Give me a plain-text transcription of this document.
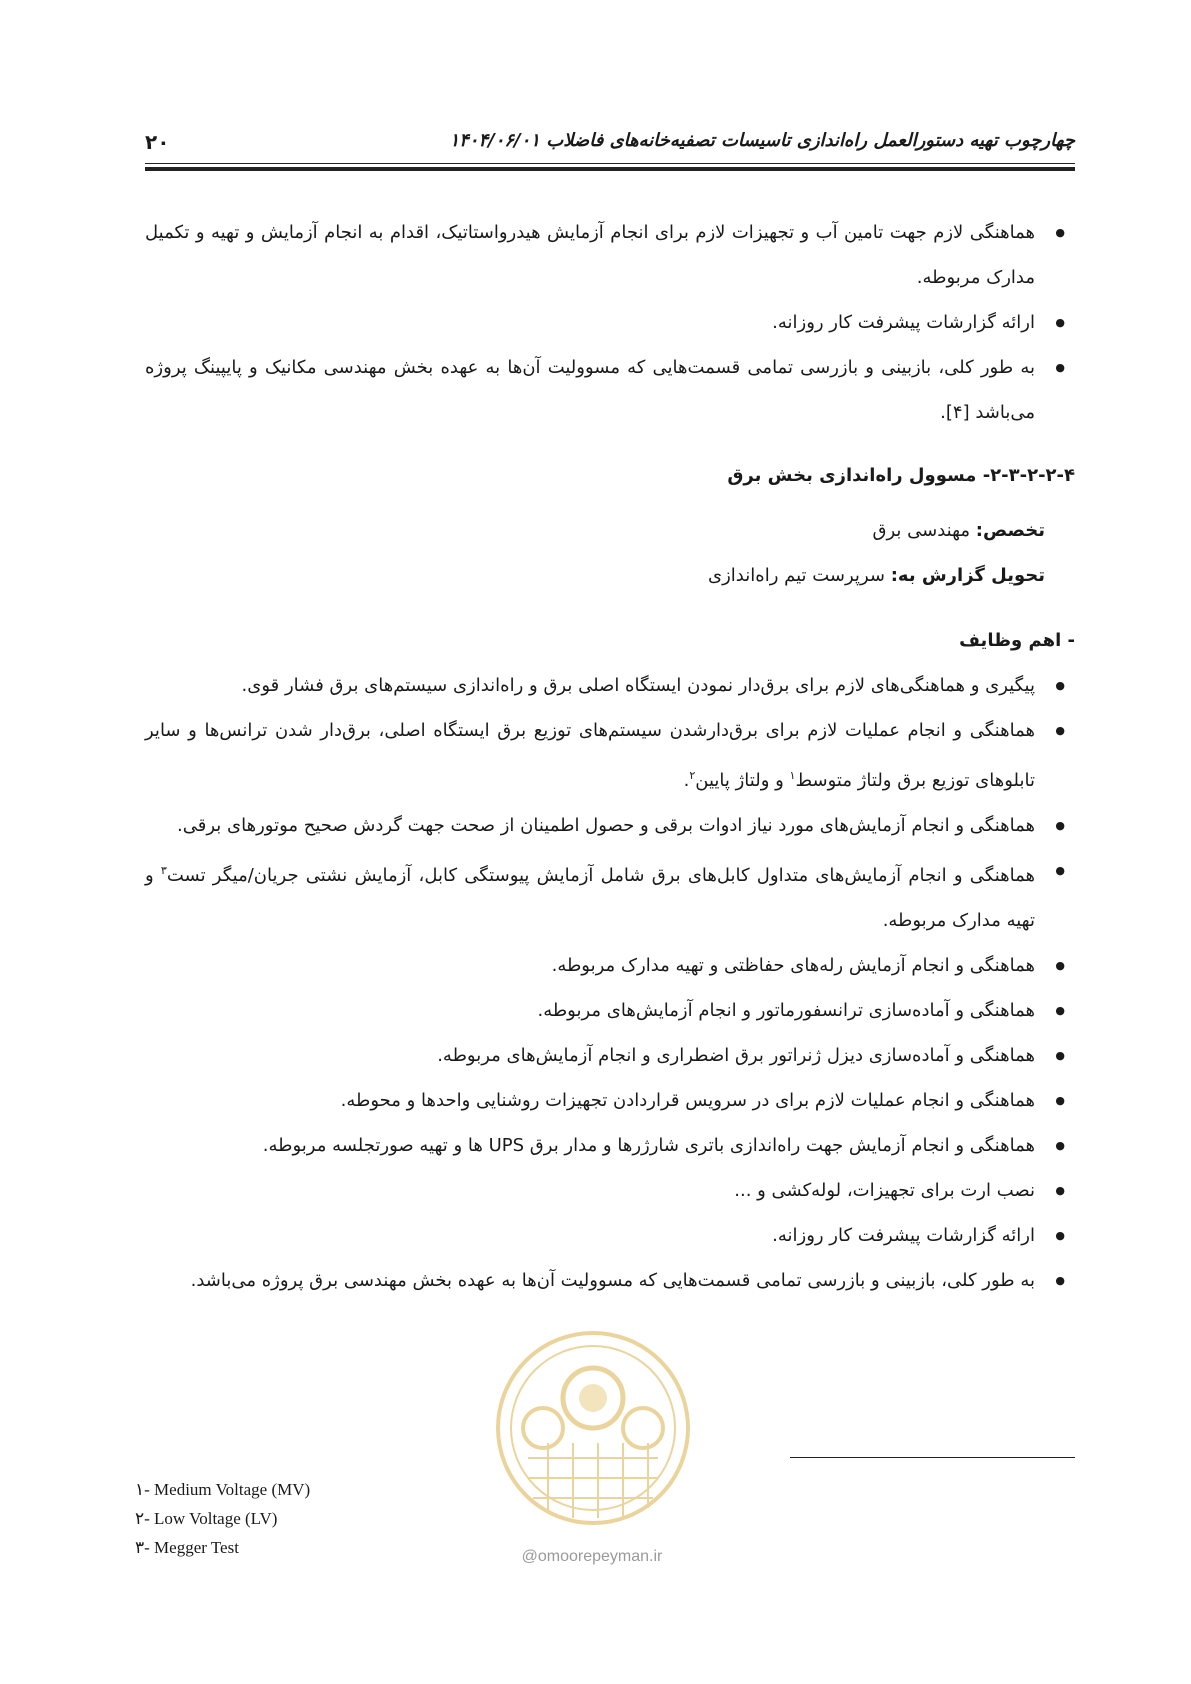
۲۰	چهارچوب تهیه دستورالعمل راه‌اندازی تاسیسات تصفیه‌خانه‌های فاضلاب ۱۴۰۴/۰۶/۰۱
● هماهنگی لازم جهت تامین آب و تجهیزات لازم برای انجام آزمایش هیدرواستاتیک، اقدام به انجام آزمایش و تهیه و تکمیل مدارک مربوطه.
● ارائه گزارشات پیشرفت کار روزانه.
● به طور کلی، بازبینی و بازرسی تمامی قسمت‌هایی که مسوولیت آن‌ها به عهده بخش مهندسی مکانیک و پایپینگ پروژه می‌باشد [۴].
۲-۳-۲-۲-۴- مسوول راه‌اندازی بخش برق
تخصص: مهندسی برق
تحویل گزارش به: سرپرست تیم راه‌اندازی
- اهم وظایف
● پیگیری و هماهنگی‌های لازم برای برق‌دار نمودن ایستگاه اصلی برق و راه‌اندازی سیستم‌های برق فشار قوی.
● هماهنگی و انجام عملیات لازم برای برق‌دارشدن سیستم‌های توزیع برق ایستگاه اصلی، برق‌دار شدن ترانس‌ها و سایر تابلوهای توزیع برق ولتاژ متوسط$^۱$ و ولتاژ پایین$^۲$.
● هماهنگی و انجام آزمایش‌های مورد نیاز ادوات برقی و حصول اطمینان از صحت جهت گردش صحیح موتورهای برقی.
● هماهنگی و انجام آزمایش‌های متداول کابل‌های برق شامل آزمایش پیوستگی کابل، آزمایش نشتی جریان/میگر تست$^۳$ و تهیه مدارک مربوطه.
● هماهنگی و انجام آزمایش رله‌های حفاظتی و تهیه مدارک مربوطه.
● هماهنگی و آماده‌سازی ترانسفورماتور و انجام آزمایش‌های مربوطه.
● هماهنگی و آماده‌سازی دیزل ژنراتور برق اضطراری و انجام آزمایش‌های مربوطه.
● هماهنگی و انجام عملیات لازم برای در سرویس قراردادن تجهیزات روشنایی واحدها و محوطه.
● هماهنگی و انجام آزمایش جهت راه‌اندازی باتری شارژرها و مدار برق UPS ها و تهیه صورتجلسه مربوطه.
● نصب ارت برای تجهیزات، لوله‌کشی و ...
● ارائه گزارشات پیشرفت کار روزانه.
● به طور کلی، بازبینی و بازرسی تمامی قسمت‌هایی که مسوولیت آن‌ها به عهده بخش مهندسی برق پروژه می‌باشد.
@omoorepeyman.ir
۱- Medium Voltage (MV)
۲- Low Voltage (LV)
۳- Megger Test
